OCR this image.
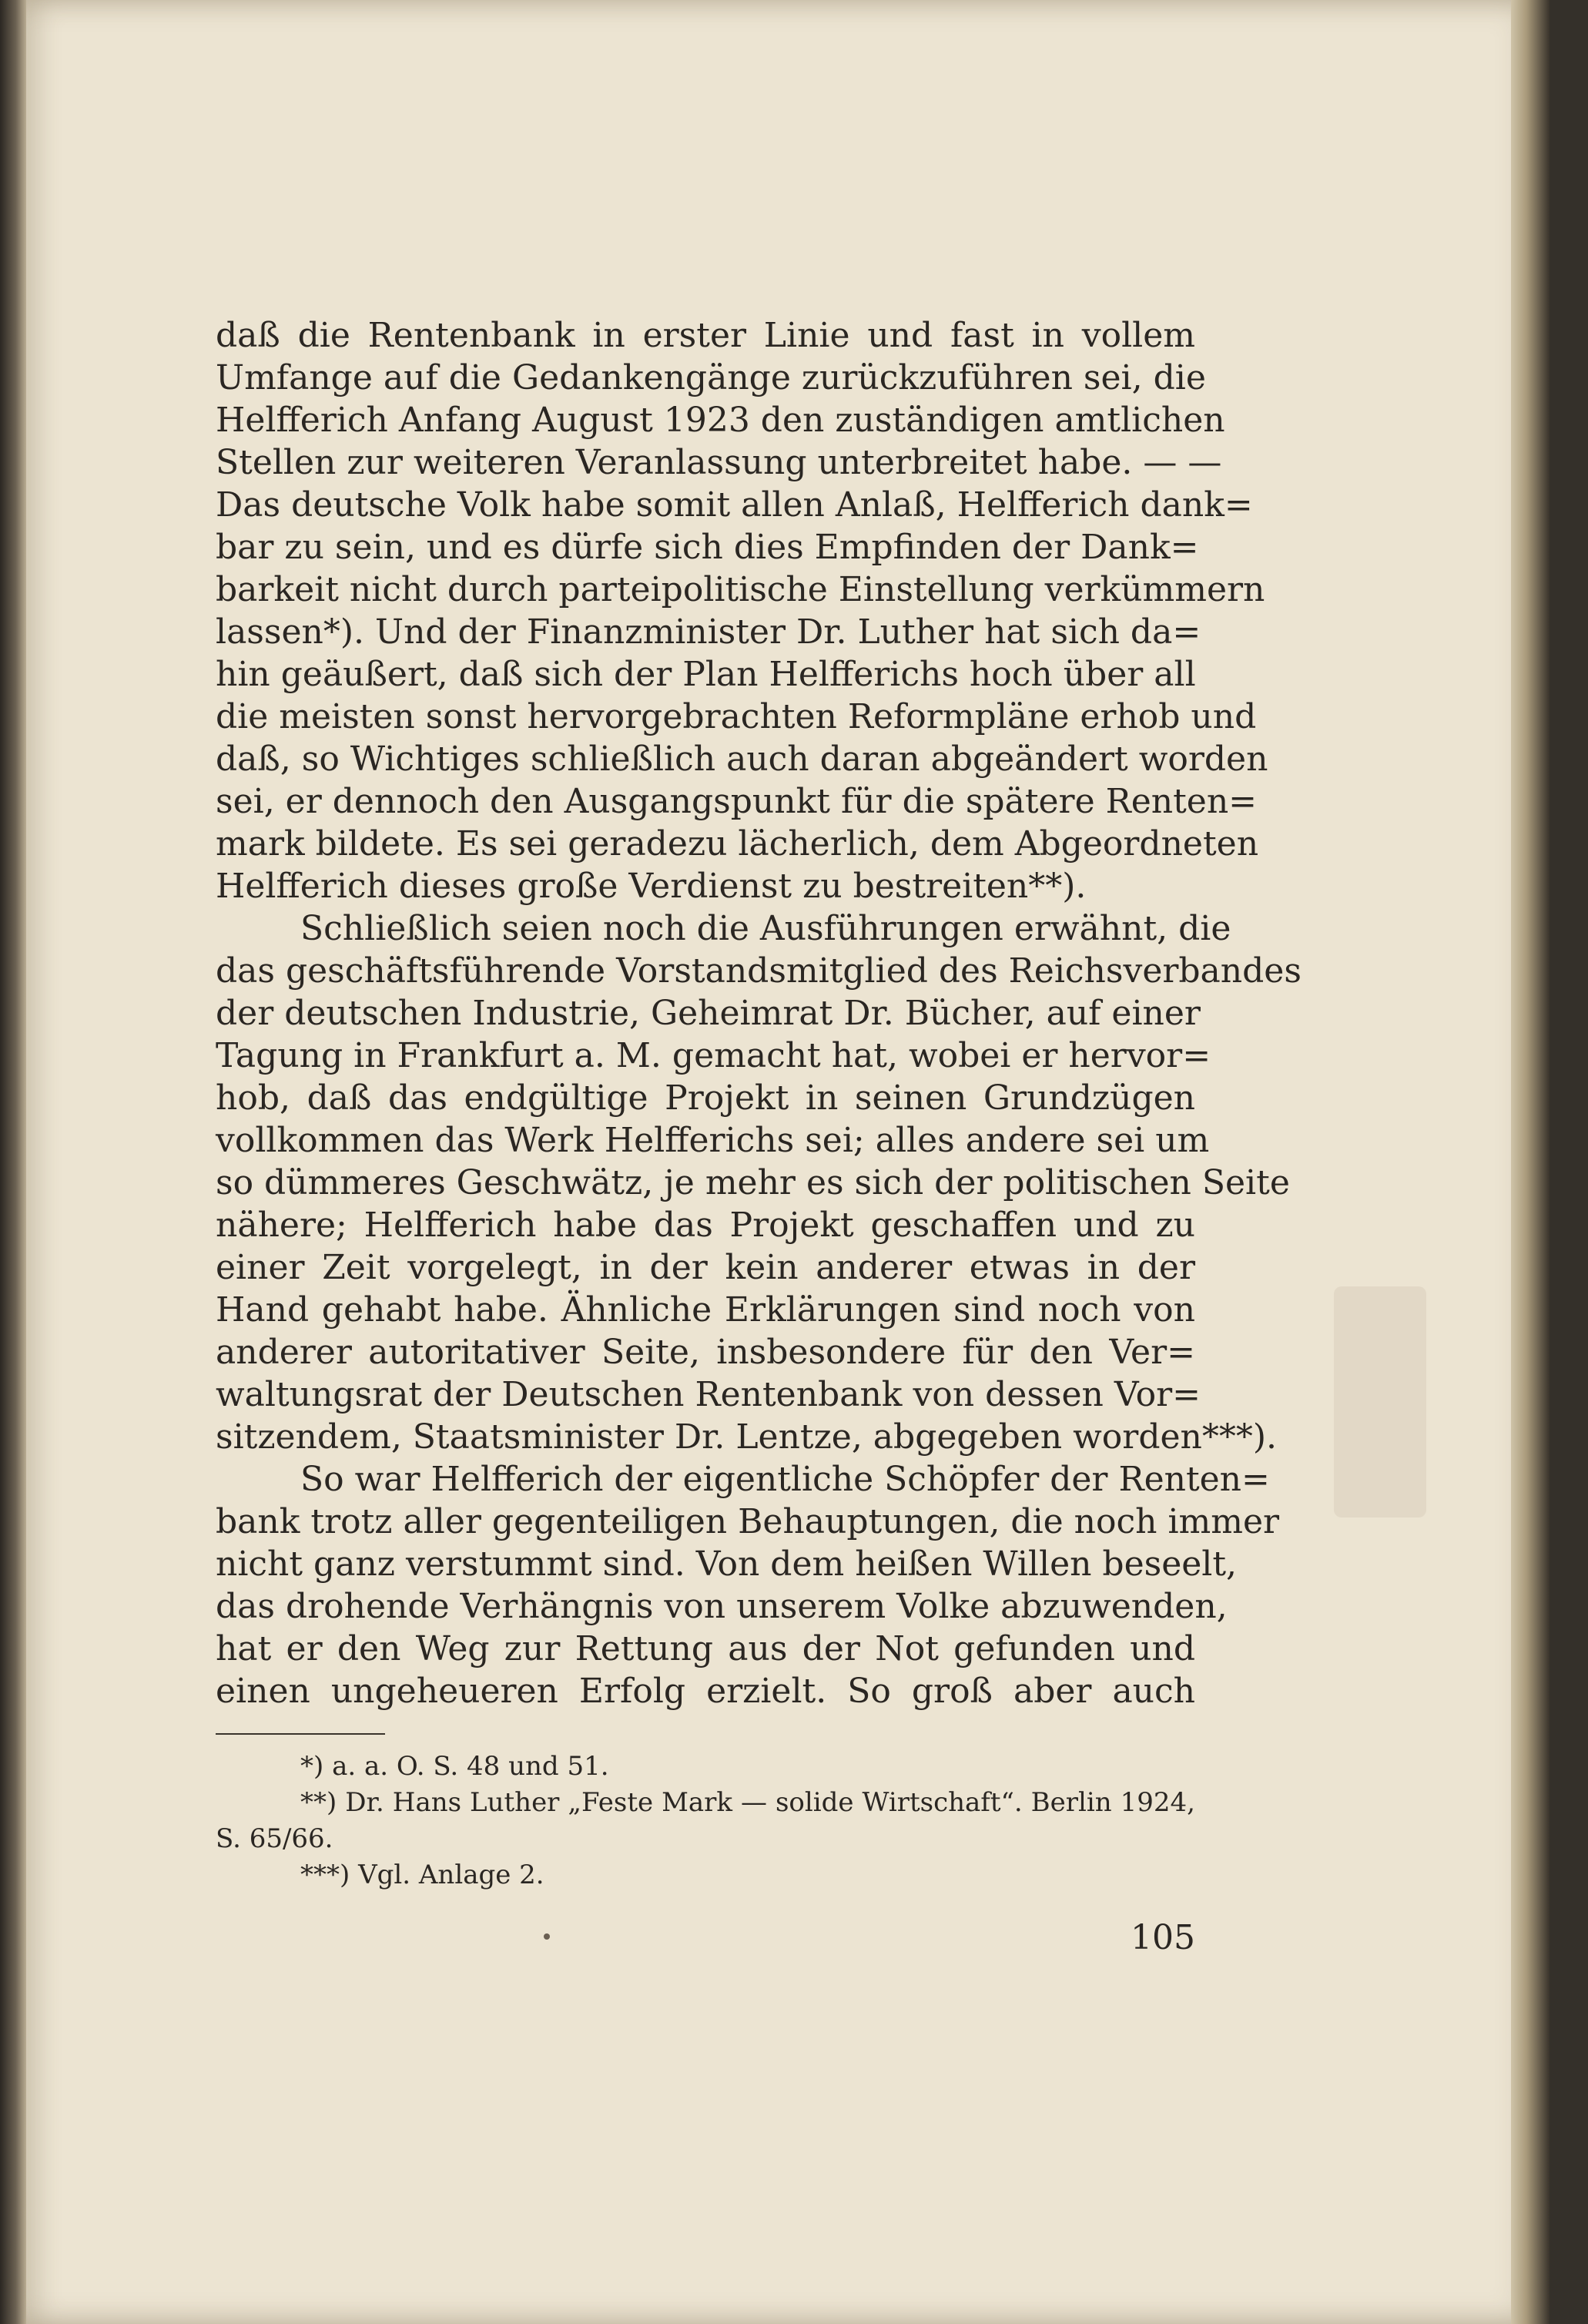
daß die Rentenbank in erster Linie und fast in vollem
Umfange auf die Gedankengänge zurückzuführen sei, die
Helfferich Anfang August 1923 den zuständigen amtlichen
Stellen zur weiteren Veranlassung unterbreitet habe. — —
Das deutsche Volk habe somit allen Anlaß, Helfferich dank=
bar zu sein, und es dürfe sich dies Empfinden der Dank=
barkeit nicht durch parteipolitische Einstellung verkümmern
lassen*). Und der Finanzminister Dr. Luther hat sich da=
hin geäußert, daß sich der Plan Helfferichs hoch über all
die meisten sonst hervorgebrachten Reformpläne erhob und
daß, so Wichtiges schließlich auch daran abgeändert worden
sei, er dennoch den Ausgangspunkt für die spätere Renten=
mark bildete. Es sei geradezu lächerlich, dem Abgeordneten
Helfferich dieses große Verdienst zu bestreiten**).
Schließlich seien noch die Ausführungen erwähnt, die
das geschäftsführende Vorstandsmitglied des Reichsverbandes
der deutschen Industrie, Geheimrat Dr. Bücher, auf einer
Tagung in Frankfurt a. M. gemacht hat, wobei er hervor=
hob, daß das endgültige Projekt in seinen Grundzügen
vollkommen das Werk Helfferichs sei; alles andere sei um
so dümmeres Geschwätz, je mehr es sich der politischen Seite
nähere; Helfferich habe das Projekt geschaffen und zu
einer Zeit vorgelegt, in der kein anderer etwas in der
Hand gehabt habe. Ähnliche Erklärungen sind noch von
anderer autoritativer Seite, insbesondere für den Ver=
waltungsrat der Deutschen Rentenbank von dessen Vor=
sitzendem, Staatsminister Dr. Lentze, abgegeben worden***).
So war Helfferich der eigentliche Schöpfer der Renten=
bank trotz aller gegenteiligen Behauptungen, die noch immer
nicht ganz verstummt sind. Von dem heißen Willen beseelt,
das drohende Verhängnis von unserem Volke abzuwenden,
hat er den Weg zur Rettung aus der Not gefunden und
einen ungeheueren Erfolg erzielt. So groß aber auch
*) a. a. O. S. 48 und 51.
**) Dr. Hans Luther „Feste Mark — solide Wirtschaft“. Berlin 1924,
S. 65/66.
***) Vgl. Anlage 2.
105
